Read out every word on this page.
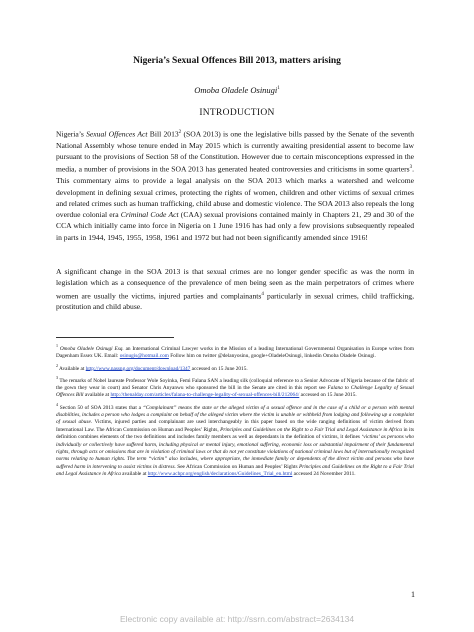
Nigeria’s Sexual Offences Bill 2013, matters arising
Omoba Oladele Osinugi$^1$
INTRODUCTION
Nigeria’s Sexual Offences Act Bill 2013$^2$ (SOA 2013) is one the legislative bills passed by the Senate of the seventh National Assembly whose tenure ended in May 2015 which is currently awaiting presidential assent to become law pursuant to the provisions of Section 58 of the Constitution. However due to certain misconceptions expressed in the media, a number of provisions in the SOA 2013 has generated heated controversies and criticisms in some quarters$^3$. This commentary aims to provide a legal analysis on the SOA 2013 which marks a watershed and welcome development in defining sexual crimes, protecting the rights of women, children and other victims of sexual crimes and related crimes such as human trafficking, child abuse and domestic violence. The SOA 2013 also repeals the long overdue colonial era Criminal Code Act (CAA) sexual provisions contained mainly in Chapters 21, 29 and 30 of the CCA which initially came into force in Nigeria on 1 June 1916 has had only a few provisions subsequently repealed in parts in 1944, 1945, 1955, 1958, 1961 and 1972 but had not been significantly amended since 1916!
A significant change in the SOA 2013 is that sexual crimes are no longer gender specific as was the norm in legislation which as a consequence of the prevalence of men being seen as the main perpetrators of crimes where women are usually the victims, injured parties and complainants$^4$ particularly in sexual crimes, child trafficking, prostitution and child abuse.
$^1$ Omoba Oladele Osinugi Esq. an International Criminal Lawyer works in the Mission of a leading International Governmental Organisation in Europe writes from Dagenham Essex UK. Email: osinugis@hotmail.com Follow him on twitter @delanyosinu, google+OladeleOsinugi, linkedin Omoba Oladele Osinugi.
$^2$ Available at http://www.nassng.org/document/download/1347 accessed on 15 June 2015.
$^3$ The remarks of Nobel laureate Professor Wole Soyinka, Femi Falana SAN a leading silk (colloquial reference to a Senior Advocate of Nigeria because of the fabric of the gown they wear in court) and Senator Chris Anyanwu who sponsored the bill in the Senate are cited in this report see Falana to Challenge Legality of Sexual Offences Bill available at http://thenalday.com/articles/falana-to-challenge-legality-of-sexual-offences-bill/212064/ accessed on 15 June 2015.
$^4$ Section 50 of SOA 2013 states that a “Complainant” means the state or the alleged victim of a sexual offence and in the case of a child or a person with mental disabilities, includes a person who lodges a complaint on behalf of the alleged victim where the victim is unable or withheld from lodging and following up a complaint of sexual abuse. Victims, injured parties and complainant are used interchangeably in this paper based on the wide ranging definitions of victim derived from International Law. The African Commission on Human and Peoples’ Rights, Principles and Guidelines on the Right to a Fair Trial and Legal Assistance in Africa in its definition combines elements of the two definitions and includes family members as well as dependants in the definition of victims, it defines ‘victims’ as persons who individually or collectively have suffered harm, including physical or mental injury, emotional suffering, economic loss or substantial impairment of their fundamental rights, through acts or omissions that are in violation of criminal laws or that do not yet constitute violations of national criminal laws but of internationally recognized norms relating to human rights. The term “victim” also includes, where appropriate, the immediate family or dependents of the direct victim and persons who have suffered harm in intervening to assist victims in distress. See African Commission on Human and Peoples’ Rights Principles and Guidelines on the Right to a Fair Trial and Legal Assistance in Africa available at http://www.achpr.org/english/declarations/Guidelines_Trial_en.html accessed 24 November 2011.
1
Electronic copy available at: http://ssrn.com/abstract=2634134
